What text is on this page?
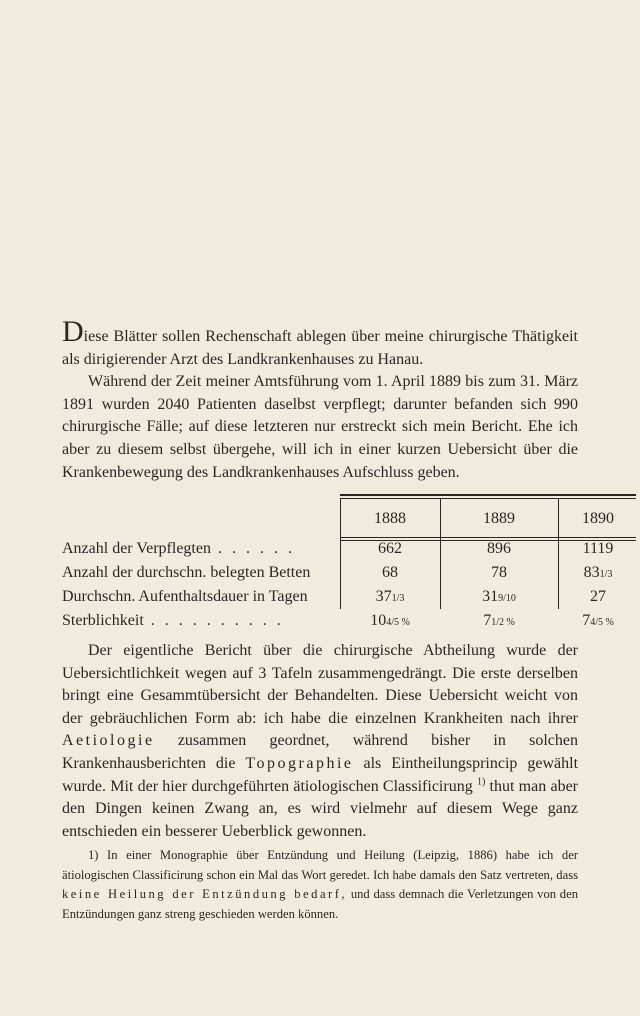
Diese Blätter sollen Rechenschaft ablegen über meine chirurgische Thätigkeit als dirigierender Arzt des Landkrankenhauses zu Hanau.

Während der Zeit meiner Amtsführung vom 1. April 1889 bis zum 31. März 1891 wurden 2040 Patienten daselbst verpflegt; darunter befanden sich 990 chirurgische Fälle; auf diese letzteren nur erstreckt sich mein Bericht. Ehe ich aber zu diesem selbst übergehe, will ich in einer kurzen Uebersicht über die Krankenbewegung des Landkrankenhauses Aufschluss geben.

1888	1889	1890
Anzahl der Verpflegten . . . . . .	662	896	1119
Anzahl der durchschn. belegten Betten	68	78	831/3
Durchschn. Aufenthaltsdauer in Tagen	371/3	319/10	27
Sterblichkeit . . . . . . . . . .	104/5 %	71/2 %	74/5 %

Der eigentliche Bericht über die chirurgische Abtheilung wurde der Uebersichtlichkeit wegen auf 3 Tafeln zusammengedrängt. Die erste derselben bringt eine Gesammtübersicht der Behandelten. Diese Uebersicht weicht von der gebräuchlichen Form ab: ich habe die einzelnen Krankheiten nach ihrer Aetiologie zusammen geordnet, während bisher in solchen Krankenhausberichten die Topographie als Eintheilungsprincip gewählt wurde. Mit der hier durchgeführten ätiologischen Classificirung $^{1)}$ thut man aber den Dingen keinen Zwang an, es wird vielmehr auf diesem Wege ganz entschieden ein besserer Ueberblick gewonnen.

1) In einer Monographie über Entzündung und Heilung (Leipzig, 1886) habe ich der ätiologischen Classificirung schon ein Mal das Wort geredet. Ich habe damals den Satz vertreten, dass keine Heilung der Entzündung bedarf, und dass demnach die Verletzungen von den Entzündungen ganz streng geschieden werden können.
